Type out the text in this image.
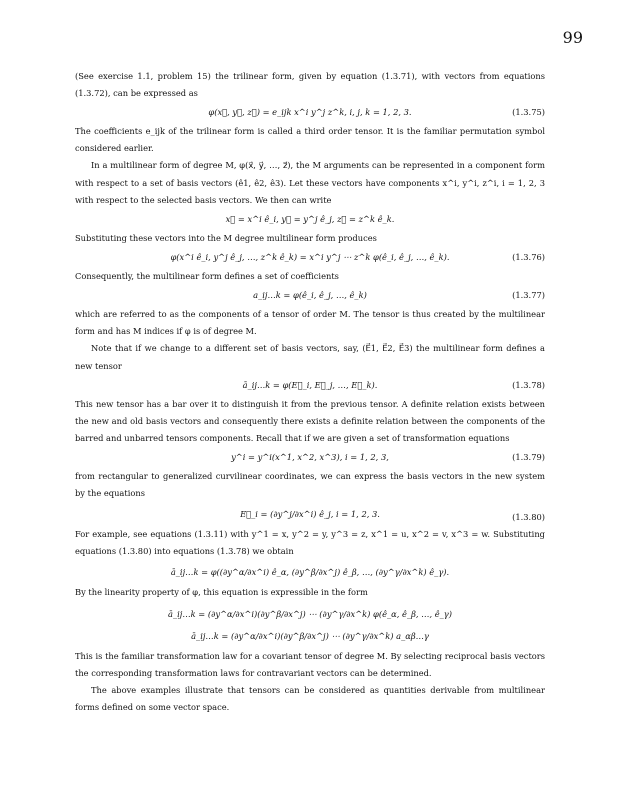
99

(See exercise 1.1, problem 15) the trilinear form, given by equation (1.3.71), with vectors from equations (1.3.72), can be expressed as

φ(x⃗, y⃗, z⃗) = e_ijk x^i y^j z^k, i, j, k = 1, 2, 3.	(1.3.75)

The coefficients e_ijk of the trilinear form is called a third order tensor. It is the familiar permutation symbol considered earlier.

In a multilinear form of degree M, φ(x⃗, y⃗, …, z⃗), the M arguments can be represented in a component form with respect to a set of basis vectors (ê1, ê2, ê3). Let these vectors have components x^i, y^i, z^i, i = 1, 2, 3 with respect to the selected basis vectors. We then can write

x⃗ = x^i ê_i, y⃗ = y^j ê_j, z⃗ = z^k ê_k.

Substituting these vectors into the M degree multilinear form produces

φ(x^i ê_i, y^j ê_j, …, z^k ê_k) = x^i y^j ⋯ z^k φ(ê_i, ê_j, …, ê_k).	(1.3.76)

Consequently, the multilinear form defines a set of coefficients

a_ij…k = φ(ê_i, ê_j, …, ê_k)	(1.3.77)

which are referred to as the components of a tensor of order M. The tensor is thus created by the multilinear form and has M indices if φ is of degree M.

Note that if we change to a different set of basis vectors, say, (E⃗1, E⃗2, E⃗3) the multilinear form defines a new tensor

ā_ij…k = φ(E⃗_i, E⃗_j, …, E⃗_k).	(1.3.78)

This new tensor has a bar over it to distinguish it from the previous tensor. A definite relation exists between the new and old basis vectors and consequently there exists a definite relation between the components of the barred and unbarred tensors components. Recall that if we are given a set of transformation equations

y^i = y^i(x^1, x^2, x^3), i = 1, 2, 3,	(1.3.79)

from rectangular to generalized curvilinear coordinates, we can express the basis vectors in the new system by the equations

E⃗_i = (∂y^j/∂x^i) ê_j, i = 1, 2, 3.	(1.3.80)

For example, see equations (1.3.11) with y^1 = x, y^2 = y, y^3 = z, x^1 = u, x^2 = v, x^3 = w. Substituting equations (1.3.80) into equations (1.3.78) we obtain

ā_ij…k = φ((∂y^α/∂x^i) ê_α, (∂y^β/∂x^j) ê_β, …, (∂y^γ/∂x^k) ê_γ).

By the linearity property of φ, this equation is expressible in the form

ā_ij…k = (∂y^α/∂x^i)(∂y^β/∂x^j) ⋯ (∂y^γ/∂x^k) φ(ê_α, ê_β, …, ê_γ)
ā_ij…k = (∂y^α/∂x^i)(∂y^β/∂x^j) ⋯ (∂y^γ/∂x^k) a_αβ…γ

This is the familiar transformation law for a covariant tensor of degree M. By selecting reciprocal basis vectors the corresponding transformation laws for contravariant vectors can be determined.

The above examples illustrate that tensors can be considered as quantities derivable from multilinear forms defined on some vector space.
